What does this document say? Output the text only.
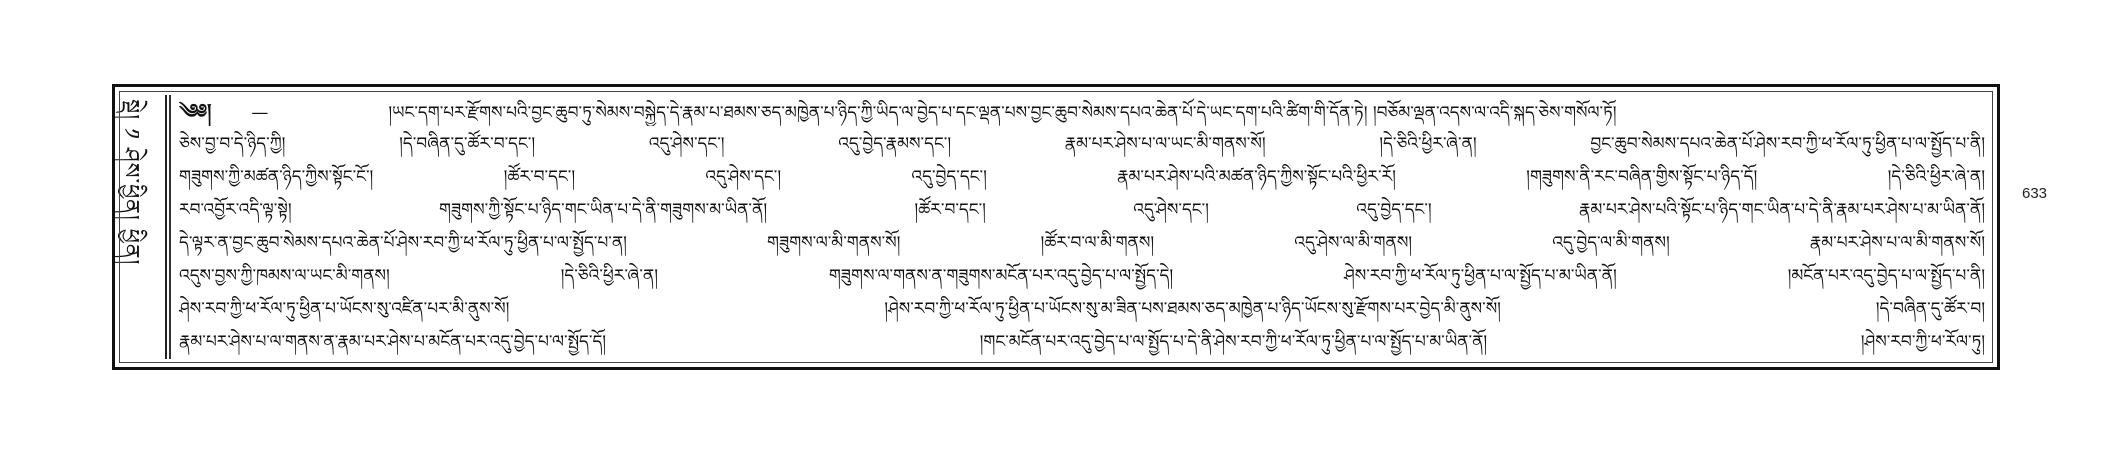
སྡེ། ༡ ཤེས་ཕྱིན། ཕྱིན།	༄༅། —	།ཡང་དག་པར་རྫོགས་པའི་བྱང་ཆུབ་ཏུ་སེམས་བསྐྱེད་དེ་རྣམ་པ་ཐམས་ཅད་མཁྱེན་པ་ཉིད་ཀྱི་ཡིད་ལ་བྱེད་པ་དང་ལྡན་པས་བྱང་ཆུབ་སེམས་དཔའ་ཆེན་པོ་དེ་ཡང་དག་པའི་ཚིག་གི་དོན་ཏེ། །བཅོམ་ལྡན་འདས་ལ་འདི་སྐད་ཅེས་གསོལ་ཏོ།
ཅེས་བྱ་བ་དེ་ཉིད་ཀྱི། །དེ་བཞིན་དུ་ཚོར་བ་དང་། འདུ་ཤེས་དང་། འདུ་བྱེད་རྣམས་དང་། རྣམ་པར་ཤེས་པ་ལ་ཡང་མི་གནས་སོ། །དེ་ཅིའི་ཕྱིར་ཞེ་ན། བྱང་ཆུབ་སེམས་དཔའ་ཆེན་པོ་ཤེས་རབ་ཀྱི་ཕ་རོལ་ཏུ་ཕྱིན་པ་ལ་སྤྱོད་པ་ནི།
གཟུགས་ཀྱི་མཚན་ཉིད་ཀྱིས་སྟོང་ངོ་། །ཚོར་བ་དང་། འདུ་ཤེས་དང་། འདུ་བྱེད་དང་། རྣམ་པར་ཤེས་པའི་མཚན་ཉིད་ཀྱིས་སྟོང་པའི་ཕྱིར་རོ། །གཟུགས་ནི་རང་བཞིན་གྱིས་སྟོང་པ་ཉིད་དོ། །དེ་ཅིའི་ཕྱིར་ཞེ་ན།
རབ་འབྱོར་འདི་ལྟ་སྟེ། གཟུགས་ཀྱི་སྟོང་པ་ཉིད་གང་ཡིན་པ་དེ་ནི་གཟུགས་མ་ཡིན་ནོ། །ཚོར་བ་དང་། འདུ་ཤེས་དང་། འདུ་བྱེད་དང་། རྣམ་པར་ཤེས་པའི་སྟོང་པ་ཉིད་གང་ཡིན་པ་དེ་ནི་རྣམ་པར་ཤེས་པ་མ་ཡིན་ནོ།
དེ་ལྟར་ན་བྱང་ཆུབ་སེམས་དཔའ་ཆེན་པོ་ཤེས་རབ་ཀྱི་ཕ་རོལ་ཏུ་ཕྱིན་པ་ལ་སྤྱོད་པ་ན། གཟུགས་ལ་མི་གནས་སོ། །ཚོར་བ་ལ་མི་གནས། འདུ་ཤེས་ལ་མི་གནས། འདུ་བྱེད་ལ་མི་གནས། རྣམ་པར་ཤེས་པ་ལ་མི་གནས་སོ།
འདུས་བྱས་ཀྱི་ཁམས་ལ་ཡང་མི་གནས། །དེ་ཅིའི་ཕྱིར་ཞེ་ན། གཟུགས་ལ་གནས་ན་གཟུགས་མངོན་པར་འདུ་བྱེད་པ་ལ་སྤྱོད་དེ། ཤེས་རབ་ཀྱི་ཕ་རོལ་ཏུ་ཕྱིན་པ་ལ་སྤྱོད་པ་མ་ཡིན་ནོ། །མངོན་པར་འདུ་བྱེད་པ་ལ་སྤྱོད་པ་ནི།
ཤེས་རབ་ཀྱི་ཕ་རོལ་ཏུ་ཕྱིན་པ་ཡོངས་སུ་འཛིན་པར་མི་ནུས་སོ། །ཤེས་རབ་ཀྱི་ཕ་རོལ་ཏུ་ཕྱིན་པ་ཡོངས་སུ་མ་ཟིན་པས་ཐམས་ཅད་མཁྱེན་པ་ཉིད་ཡོངས་སུ་རྫོགས་པར་བྱེད་མི་ནུས་སོ། །དེ་བཞིན་དུ་ཚོར་བ།
རྣམ་པར་ཤེས་པ་ལ་གནས་ན་རྣམ་པར་ཤེས་པ་མངོན་པར་འདུ་བྱེད་པ་ལ་སྤྱོད་དོ། །གང་མངོན་པར་འདུ་བྱེད་པ་ལ་སྤྱོད་པ་དེ་ནི་ཤེས་རབ་ཀྱི་ཕ་རོལ་ཏུ་ཕྱིན་པ་ལ་སྤྱོད་པ་མ་ཡིན་ནོ། །ཤེས་རབ་ཀྱི་ཕ་རོལ་ཏུ།
633
